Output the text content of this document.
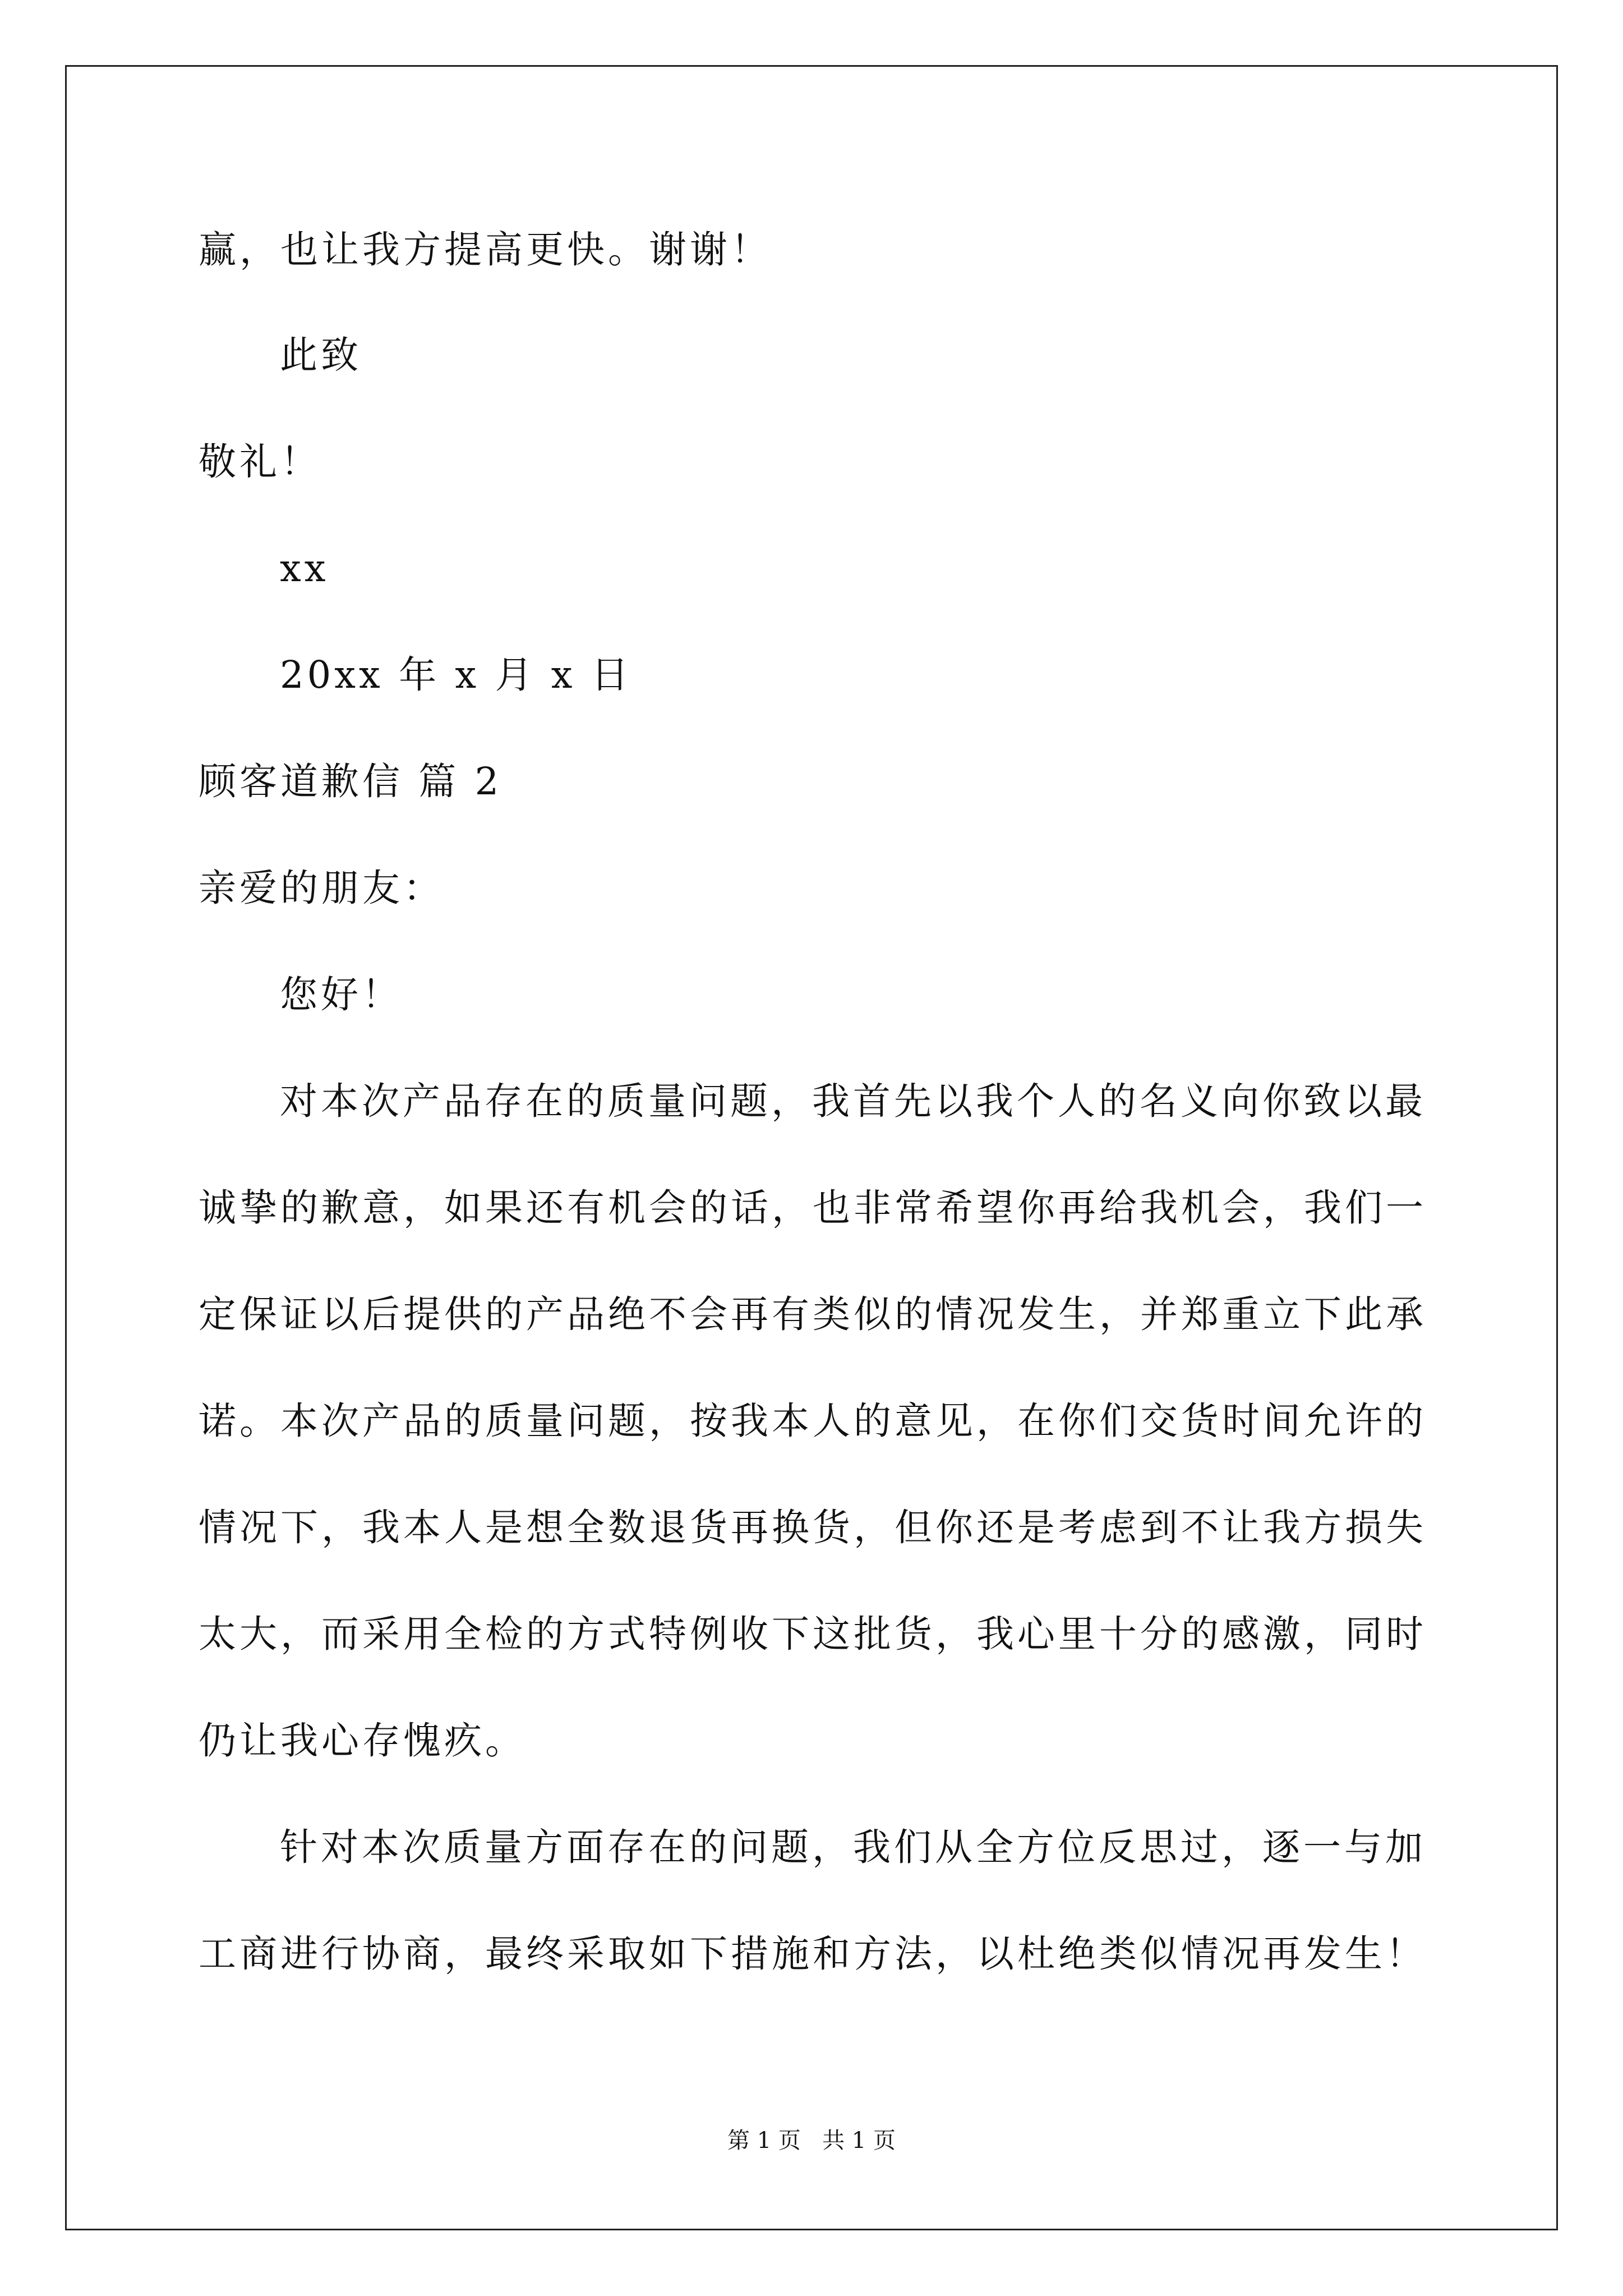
赢，也让我方提高更快。谢谢！
此致
敬礼！
xx
20xx 年 x 月 x 日
顾客道歉信 篇 2
亲爱的朋友：
您好！
对本次产品存在的质量问题，我首先以我个人的名义向你致以最
诚挚的歉意，如果还有机会的话，也非常希望你再给我机会，我们一
定保证以后提供的产品绝不会再有类似的情况发生，并郑重立下此承
诺。本次产品的质量问题，按我本人的意见，在你们交货时间允许的
情况下，我本人是想全数退货再换货，但你还是考虑到不让我方损失
太大，而采用全检的方式特例收下这批货，我心里十分的感激，同时
仍让我心存愧疚。
针对本次质量方面存在的问题，我们从全方位反思过，逐一与加
工商进行协商，最终采取如下措施和方法，以杜绝类似情况再发生！
第 1 页   共 1 页
